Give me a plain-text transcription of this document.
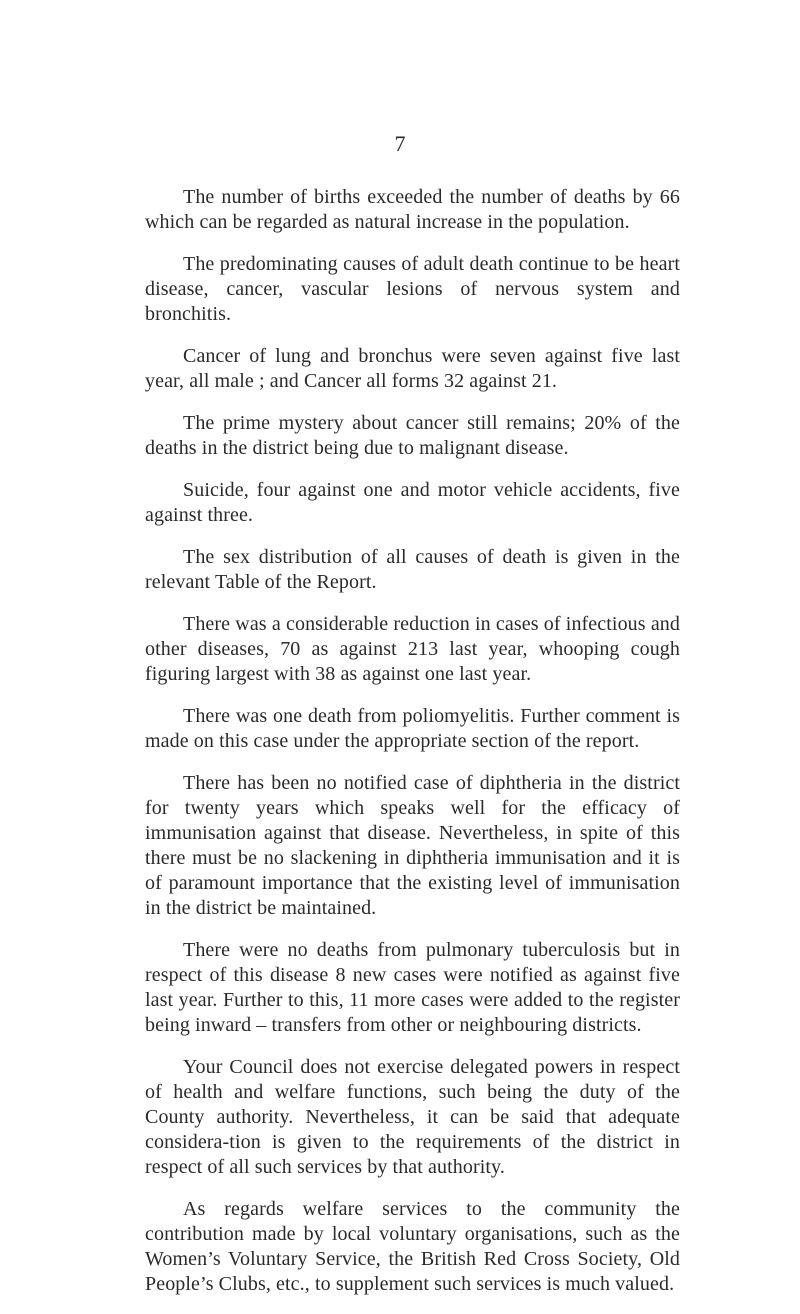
7

The number of births exceeded the number of deaths by 66 which can be regarded as natural increase in the population.

The predominating causes of adult death continue to be heart disease, cancer, vascular lesions of nervous system and bronchitis.

Cancer of lung and bronchus were seven against five last year, all male ; and Cancer all forms 32 against 21.

The prime mystery about cancer still remains; 20% of the deaths in the district being due to malignant disease.

Suicide, four against one and motor vehicle accidents, five against three.

The sex distribution of all causes of death is given in the relevant Table of the Report.

There was a considerable reduction in cases of infectious and other diseases, 70 as against 213 last year, whooping cough figuring largest with 38 as against one last year.

There was one death from poliomyelitis. Further comment is made on this case under the appropriate section of the report.

There has been no notified case of diphtheria in the district for twenty years which speaks well for the efficacy of immunisation against that disease. Nevertheless, in spite of this there must be no slackening in diphtheria immunisation and it is of paramount importance that the existing level of immunisation in the district be maintained.

There were no deaths from pulmonary tuberculosis but in respect of this disease 8 new cases were notified as against five last year. Further to this, 11 more cases were added to the register being inward – transfers from other or neighbouring districts.

Your Council does not exercise delegated powers in respect of health and welfare functions, such being the duty of the County authority. Nevertheless, it can be said that adequate considera-tion is given to the requirements of the district in respect of all such services by that authority.

As regards welfare services to the community the contribution made by local voluntary organisations, such as the Women’s Voluntary Service, the British Red Cross Society, Old People’s Clubs, etc., to supplement such services is much valued.
